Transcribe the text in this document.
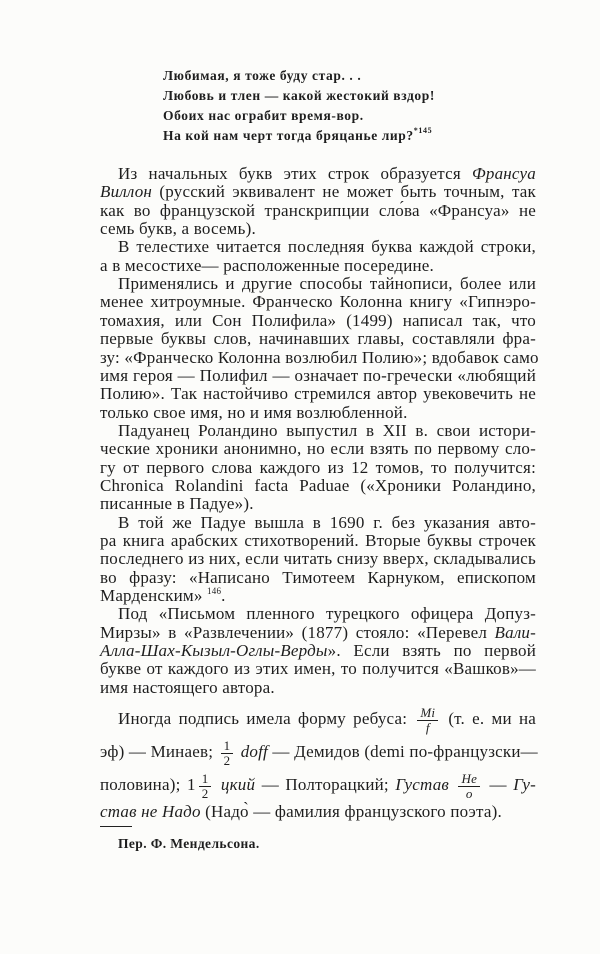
Любимая, я тоже буду стар. . .
Любовь и тлен — какой жестокий вздор!
Обоих нас ограбит время-вор.
На кой нам черт тогда бряцанье лир?$^{*145}$
Из начальных букв этих строк образуется Франсуа
Виллон (русский эквивалент не может быть точным, так
как во французской транскрипции сло́ва «Франсуа» не
семь букв, а восемь).
В телестихе читается последняя буква каждой строки,
а в месостихе— расположенные посередине.
Применялись и другие способы тайнописи, более или
менее хитроумные. Франческо Колонна книгу «Гипнэро-
томахия, или Сон Полифила» (1499) написал так, что
первые буквы слов, начинавших главы, составляли фра-
зу: «Франческо Колонна возлюбил Полию»; вдобавок само
имя героя — Полифил — означает по-гречески «любящий
Полию». Так настойчиво стремился автор увековечить не
только свое имя, но и имя возлюбленной.
Падуанец Роландино выпустил в XII в. свои истори-
ческие хроники анонимно, но если взять по первому сло-
гу от первого слова каждого из 12 томов, то получится:
Chronica Rolandini facta Paduae («Хроники Роландино,
писанные в Падуе»).
В той же Падуе вышла в 1690 г. без указания авто-
ра книга арабских стихотворений. Вторые буквы строчек
последнего из них, если читать снизу вверх, складывались
во фразу: «Написано Тимотеем Карнуком, епископом
Марденским» $^{146}$.
Под «Письмом пленного турецкого офицера Допуз-
Мирзы» в «Развлечении» (1877) стояло: «Перевел Вали-
Алла-Шах-Кызыл-Оглы-Верды». Если взять по первой
букве от каждого из этих имен, то получится «Вашков»—
имя настоящего автора.
Иногда подпись имела форму ребуса: $\frac{Mi}{f} (т$. е. ми на
эф) — Минаев; $\frac{1}{2}$ doff — Демидов (demi по-французски—
половина); $1 \frac{1}{2}$ цкий — Полторацкий; Густав $\frac{He}{o}$ — Гу-
став не Надо (Надо̀ — фамилия французского поэта).
Пер. Ф. Мендельсона.
